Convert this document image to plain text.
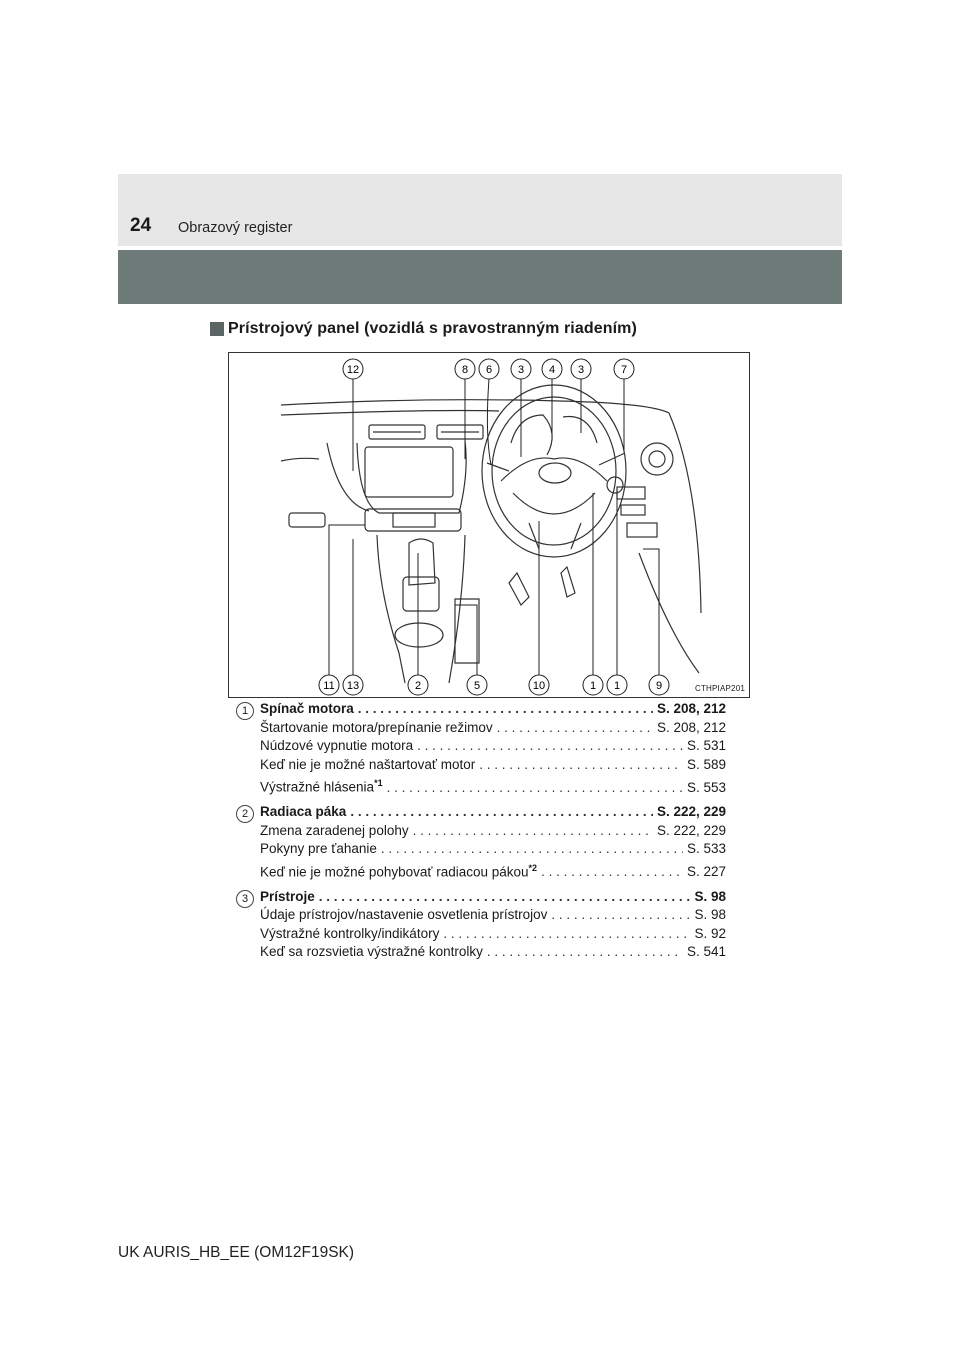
24 Obrazový register
Prístrojový panel (vozidlá s pravostranným riadením)
12	8 6 3 4 3	7
11 13	2	5	10	1 1	9	CTHPIAP201
1 Spínač motora . . .	S. 208, 212
Štartovanie motora/prepínanie režimov . . .	S. 208, 212
Núdzové vypnutie motora . . .	S. 531
Keď nie je možné naštartovať motor . . .	S. 589
Výstražné hlásenia$^{*1}$ . . .	S. 553
2 Radiaca páka . . .	S. 222, 229
Zmena zaradenej polohy . . .	S. 222, 229
Pokyny pre ťahanie . . .	S. 533
Keď nie je možné pohybovať radiacou pákou$^{*2}$ . . .	S. 227
3 Prístroje . . .	S. 98
Údaje prístrojov/nastavenie osvetlenia prístrojov . . .	S. 98
Výstražné kontrolky/indikátory . . .	S. 92
Keď sa rozsvietia výstražné kontrolky . . .	S. 541
UK AURIS_HB_EE (OM12F19SK)
